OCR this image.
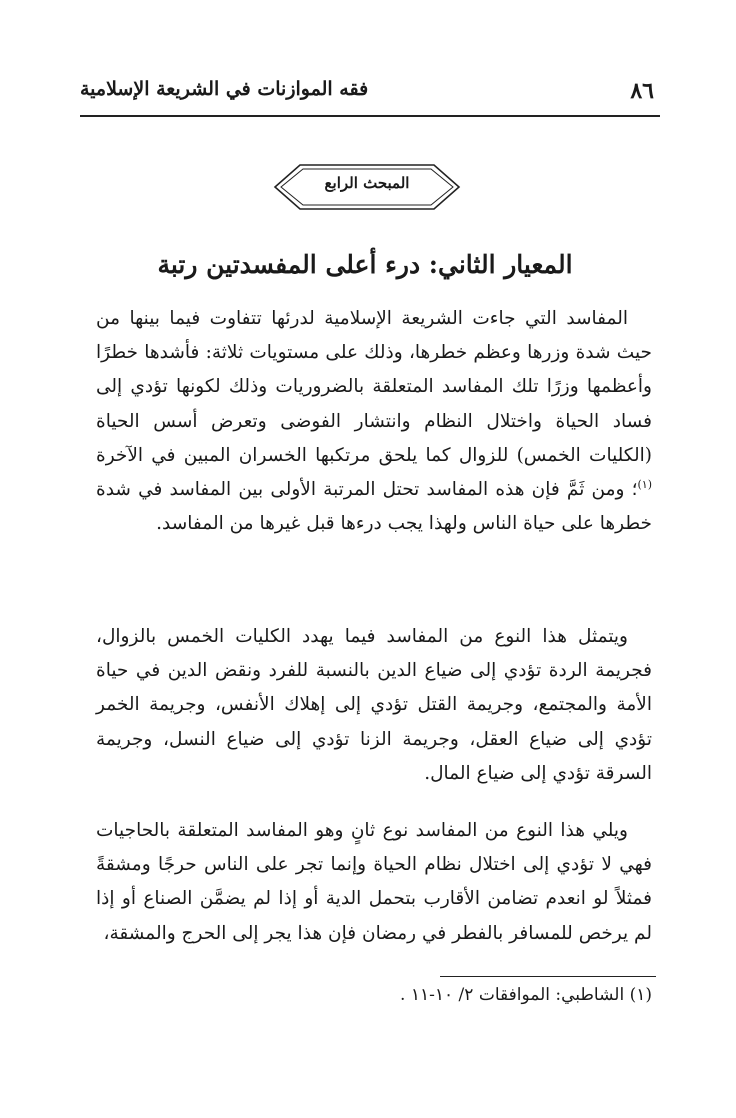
٨٦
فقه الموازنات في الشريعة الإسلامية
المبحث الرابع
المعيار الثاني: درء أعلى المفسدتين رتبة
المفاسد التي جاءت الشريعة الإسلامية لدرئها تتفاوت فيما بينها من حيث شدة وزرها وعظم خطرها، وذلك على مستويات ثلاثة: فأشدها خطرًا وأعظمها وزرًا تلك المفاسد المتعلقة بالضروريات وذلك لكونها تؤدي إلى فساد الحياة واختلال النظام وانتشار الفوضى وتعرض أسس الحياة (الكليات الخمس) للزوال كما يلحق مرتكبها الخسران المبين في الآخرة $^{(١)}$؛ ومن ثَمَّ فإن هذه المفاسد تحتل المرتبة الأولى بين المفاسد في شدة خطرها على حياة الناس ولهذا يجب درءها قبل غيرها من المفاسد.
ويتمثل هذا النوع من المفاسد فيما يهدد الكليات الخمس بالزوال، فجريمة الردة تؤدي إلى ضياع الدين بالنسبة للفرد ونقض الدين في حياة الأمة والمجتمع، وجريمة القتل تؤدي إلى إهلاك الأنفس، وجريمة الخمر تؤدي إلى ضياع العقل، وجريمة الزنا تؤدي إلى ضياع النسل، وجريمة السرقة تؤدي إلى ضياع المال.
ويلي هذا النوع من المفاسد نوع ثانٍ وهو المفاسد المتعلقة بالحاجيات فهي لا تؤدي إلى اختلال نظام الحياة وإنما تجر على الناس حرجًا ومشقةً فمثلاً لو انعدم تضامن الأقارب بتحمل الدية أو إذا لم يضمَّن الصناع أو إذا لم يرخص للمسافر بالفطر في رمضان فإن هذا يجر إلى الحرج والمشقة،
(١) الشاطبي: الموافقات ٢/ ١٠-١١ .
